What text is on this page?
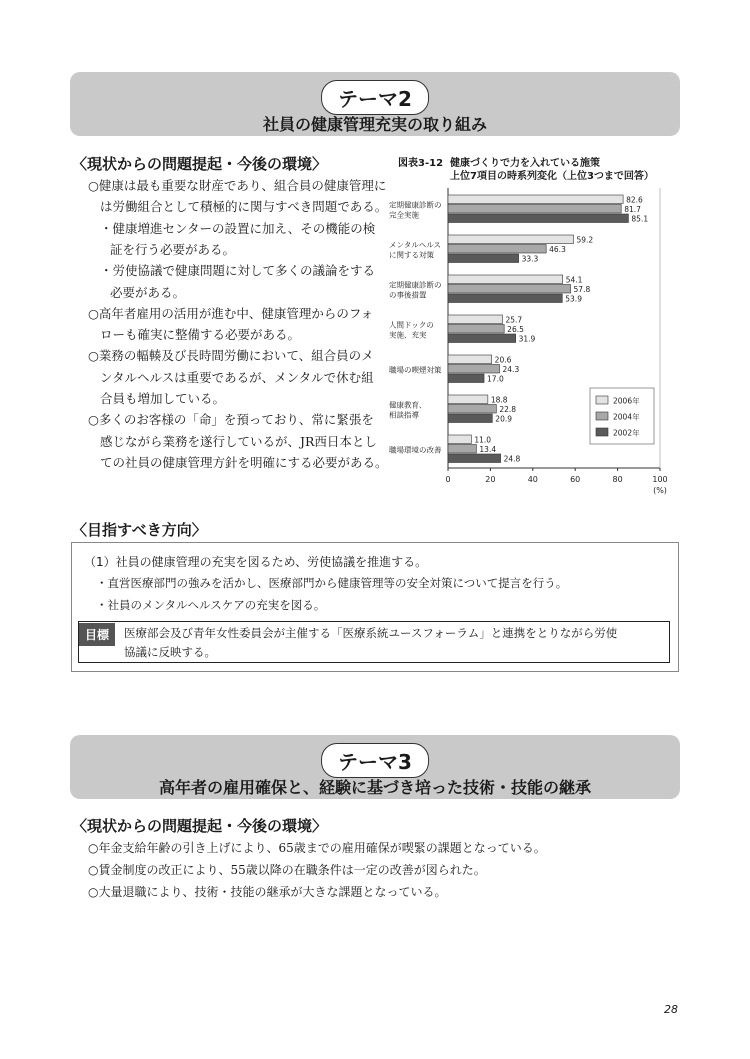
テーマ2
社員の健康管理充実の取り組み
〈現状からの問題提起・今後の環境〉
○健康は最も重要な財産であり、組合員の健康管理に
は労働組合として積極的に関与すべき問題である。
・健康増進センターの設置に加え、その機能の検
証を行う必要がある。
・労使協議で健康問題に対して多くの議論をする
必要がある。
○高年者雇用の活用が進む中、健康管理からのフォ
ローも確実に整備する必要がある。
○業務の輻輳及び長時間労働において、組合員のメ
ンタルヘルスは重要であるが、メンタルで休む組
合員も増加している。
○多くのお客様の「命」を預っており、常に緊張を
感じながら業務を遂行しているが、JR西日本とし
ての社員の健康管理方針を明確にする必要がある。
図表3-12 健康づくりで力を入れている施策
上位7項目の時系列変化（上位3つまで回答）
0	20	40	60	80	100
(%)
82.6
81.7
85.1
定期健康診断の
完全実施
59.2
46.3
33.3
メンタルヘルス
に関する対策
54.1
57.8
53.9
定期健康診断の
の事後措置
25.7
26.5
31.9
人間ドックの
実施、充実
20.6
24.3
17.0
職場の喫煙対策
18.8
22.8
20.9
健康教育、
相談指導
11.0
13.4
24.8
職場環境の改善
2006年
2004年
2002年
〈目指すべき方向〉
（1）社員の健康管理の充実を図るため、労使協議を推進する。
・直営医療部門の強みを活かし、医療部門から健康管理等の安全対策について提言を行う。
・社員のメンタルヘルスケアの充実を図る。
目標	医療部会及び青年女性委員会が主催する「医療系統ユースフォーラム」と連携をとりながら労使
協議に反映する。
テーマ3
高年者の雇用確保と、経験に基づき培った技術・技能の継承
〈現状からの問題提起・今後の環境〉
○年金支給年齢の引き上げにより、65歳までの雇用確保が喫緊の課題となっている。
○賃金制度の改正により、55歳以降の在職条件は一定の改善が図られた。
○大量退職により、技術・技能の継承が大きな課題となっている。
28
